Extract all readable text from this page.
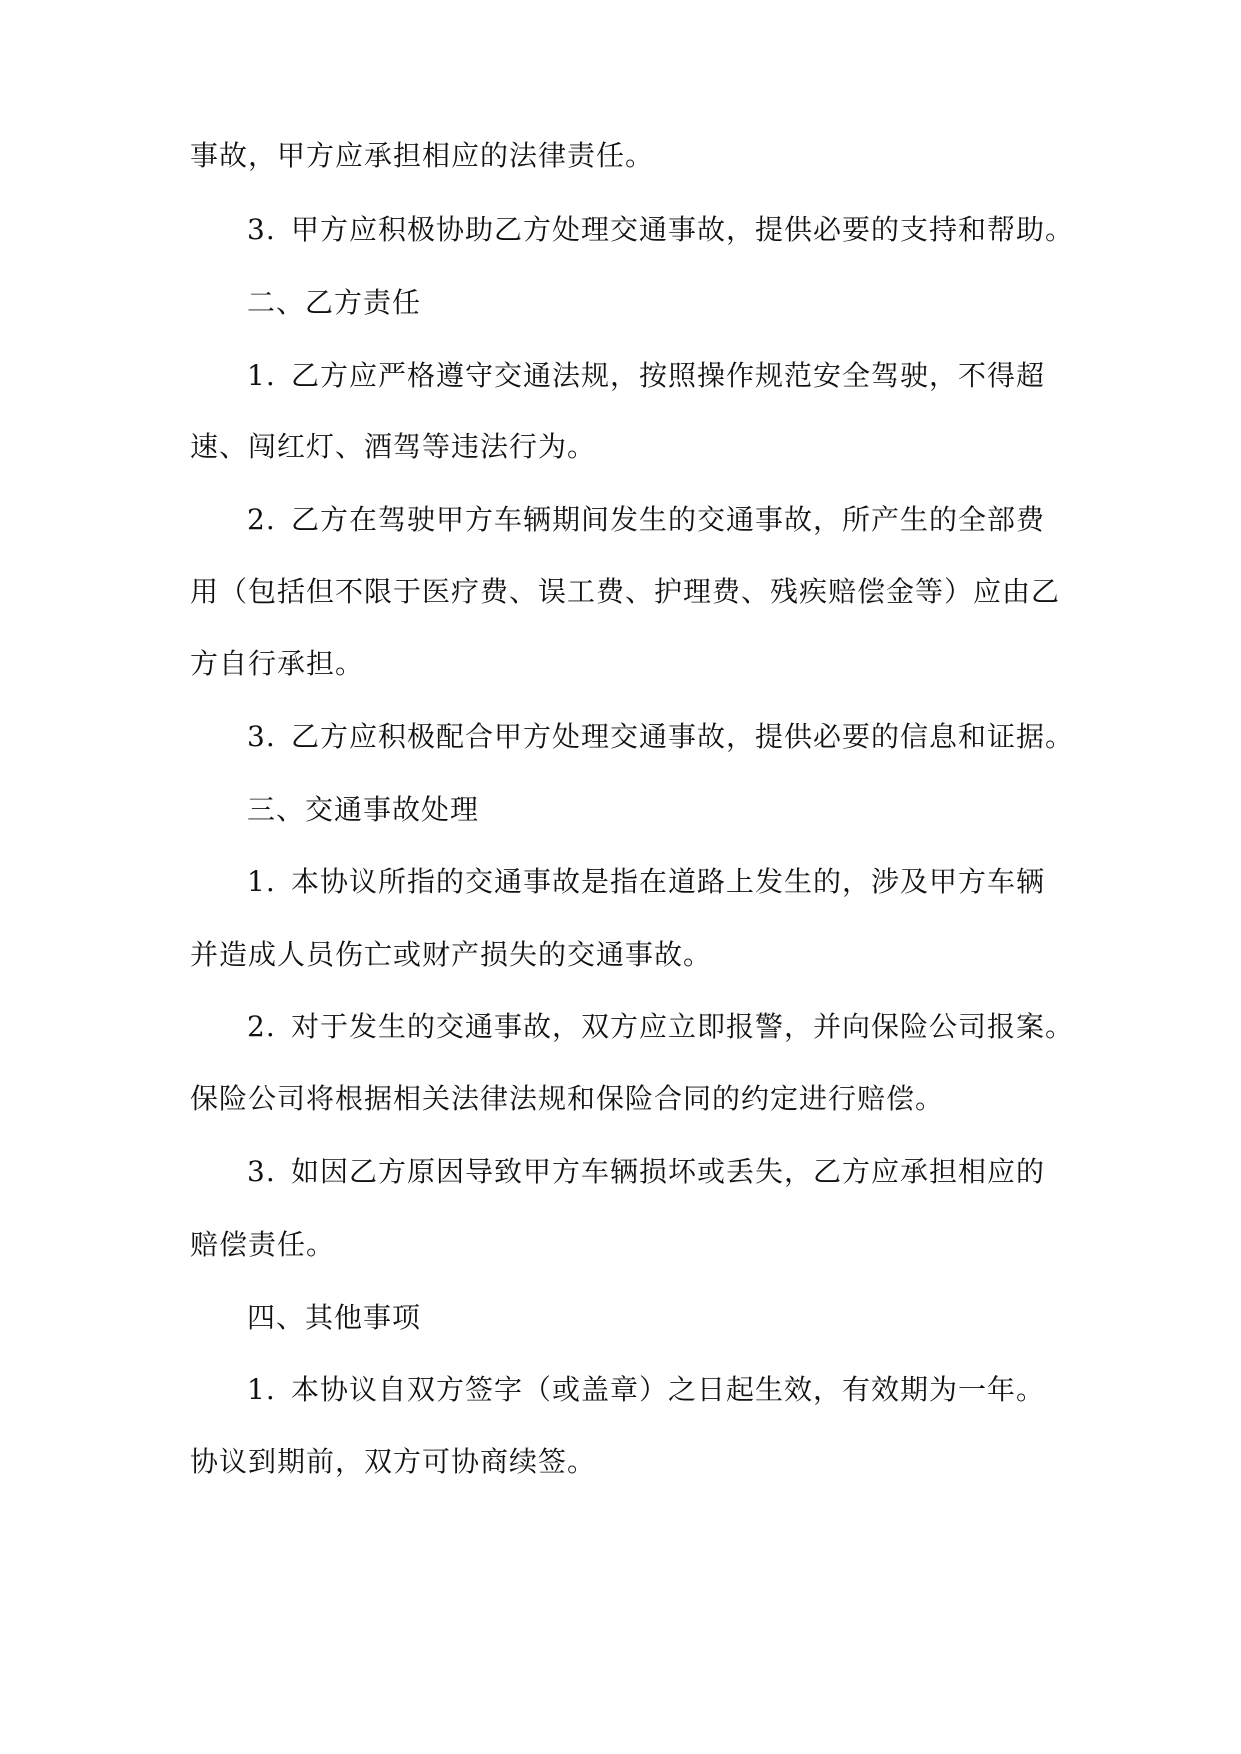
事故，甲方应承担相应的法律责任。

3. 甲方应积极协助乙方处理交通事故，提供必要的支持和帮助。

二、乙方责任

1. 乙方应严格遵守交通法规，按照操作规范安全驾驶，不得超

速、闯红灯、酒驾等违法行为。

2. 乙方在驾驶甲方车辆期间发生的交通事故，所产生的全部费

用（包括但不限于医疗费、误工费、护理费、残疾赔偿金等）应由乙

方自行承担。

3. 乙方应积极配合甲方处理交通事故，提供必要的信息和证据。

三、交通事故处理

1. 本协议所指的交通事故是指在道路上发生的，涉及甲方车辆

并造成人员伤亡或财产损失的交通事故。

2. 对于发生的交通事故，双方应立即报警，并向保险公司报案。

保险公司将根据相关法律法规和保险合同的约定进行赔偿。

3. 如因乙方原因导致甲方车辆损坏或丢失，乙方应承担相应的

赔偿责任。

四、其他事项

1. 本协议自双方签字（或盖章）之日起生效，有效期为一年。

协议到期前，双方可协商续签。
